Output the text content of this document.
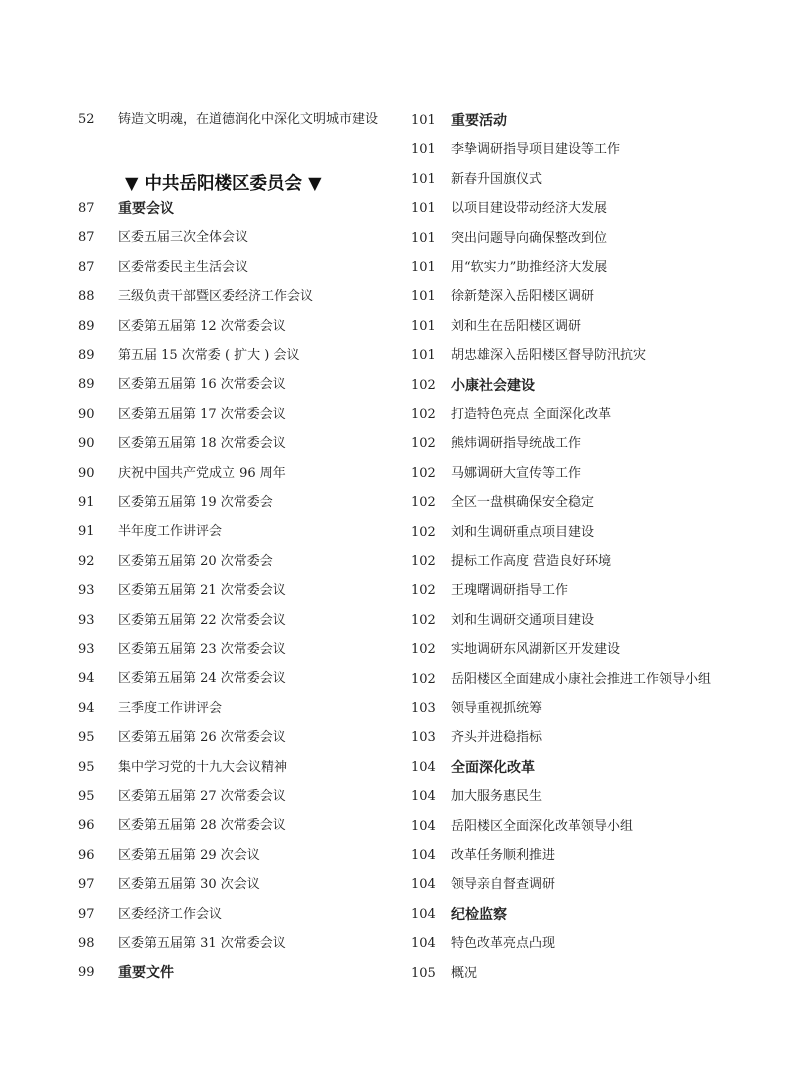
52	铸造文明魂，在道德润化中深化文明城市建设
87	重要会议
87	区委五届三次全体会议
87	区委常委民主生活会议
88	三级负责干部暨区委经济工作会议
89	区委第五届第 12 次常委会议
89	第五届 15 次常委 ( 扩大 ) 会议
89	区委第五届第 16 次常委会议
90	区委第五届第 17 次常委会议
90	区委第五届第 18 次常委会议
90	庆祝中国共产党成立 96 周年
91	区委第五届第 19 次常委会
91	半年度工作讲评会
92	区委第五届第 20 次常委会
93	区委第五届第 21 次常委会议
93	区委第五届第 22 次常委会议
93	区委第五届第 23 次常委会议
94	区委第五届第 24 次常委会议
94	三季度工作讲评会
95	区委第五届第 26 次常委会议
95	集中学习党的十九大会议精神
95	区委第五届第 27 次常委会议
96	区委第五届第 28 次常委会议
96	区委第五届第 29 次会议
97	区委第五届第 30 次会议
97	区委经济工作会议
98	区委第五届第 31 次常委会议
99	重要文件
▼ 中共岳阳楼区委员会 ▼
101	重要活动
101	李挚调研指导项目建设等工作
101	新春升国旗仪式
101	以项目建设带动经济大发展
101	突出问题导向确保整改到位
101	用“软实力”助推经济大发展
101	徐新楚深入岳阳楼区调研
101	刘和生在岳阳楼区调研
101	胡忠雄深入岳阳楼区督导防汛抗灾
102	小康社会建设
102	打造特色亮点 全面深化改革
102	熊炜调研指导统战工作
102	马娜调研大宣传等工作
102	全区一盘棋确保安全稳定
102	刘和生调研重点项目建设
102	提标工作高度 营造良好环境
102	王瑰曙调研指导工作
102	刘和生调研交通项目建设
102	实地调研东风湖新区开发建设
102	岳阳楼区全面建成小康社会推进工作领导小组
103	领导重视抓统筹
103	齐头并进稳指标
104	全面深化改革
104	加大服务惠民生
104	岳阳楼区全面深化改革领导小组
104	改革任务顺利推进
104	领导亲自督查调研
104	纪检监察
104	特色改革亮点凸现
105	概况
